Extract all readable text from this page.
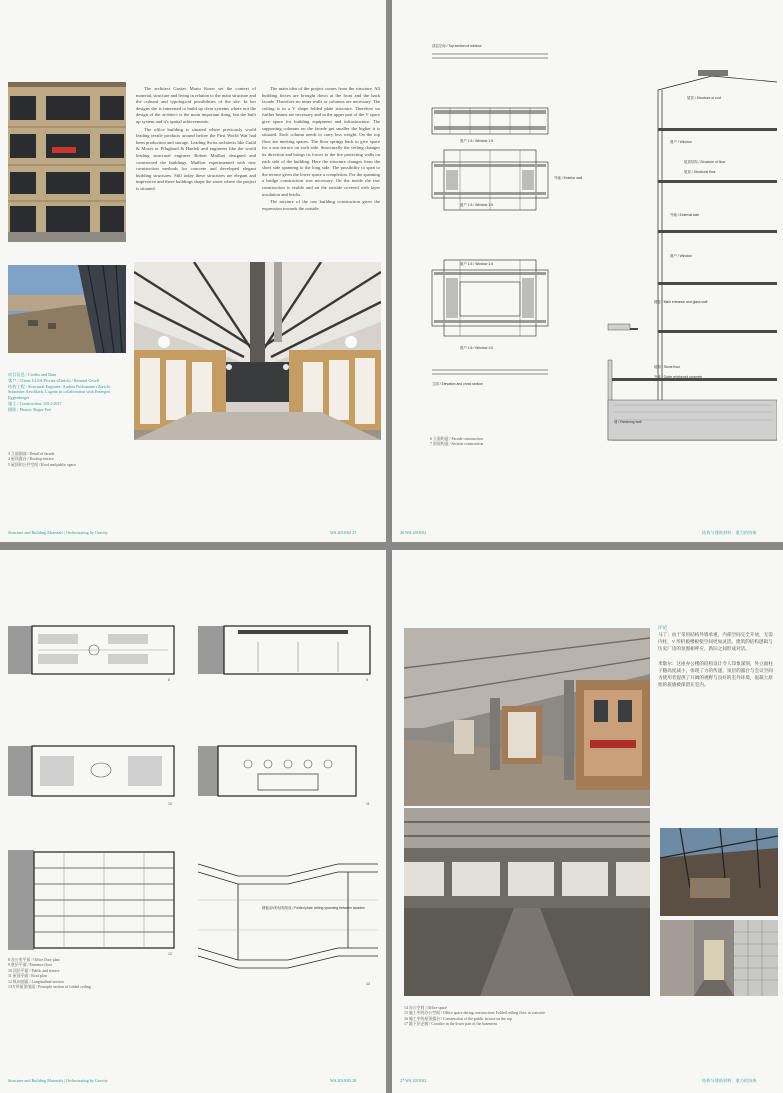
The architect Gustav Mario Knorr set the context of material, structure and living in relation to the main structure and the cultural and typological possibilities of the site. In her designs she is interested to build up clear systems where not the design of the architect is the main important thing, but the built up system and it's spatial achievements.

The office building is situated where previously world leading textile products around before the First World War had been production and storage. Leading Swiss architects like Guild & Moser or Pflughard & Haefeli and engineers like the world leading structural engineer Robert Maillart designed and constructed the buildings. Maillart experimented with new construction methods for concrete and developed elegant building structures. Still today these structures are elegant and impressive and these buildings shape the street where the project is situated.

The main idea of the project comes from the structure. All building forces are brought down at the front and the back facade. Therefore no inner walls or columns are necessary. The ceiling is in a V shape folded plate structure. Therefore no further beams are necessary and in the upper part of the V space give space for building equipment and infrastructure. The supporting columns on the facade get smaller the higher it is situated. Each column needs to carry less weight. On the top floor are meeting spaces. The floor springs back to give space for a sun terrace on each side. Structurally the ceiling changes its direction and brings its forces to the fire protecting walls on each side of the building. Here the structure changes from the short side spanning to the long side. The possibility to span to the terrace gives the lower space a completion. For the spanning a bridge construction was necessary. On the inside the raw construction is visible and on the outside covered with layer insulation and bricks.

The mixture of the raw building construction gives the expression towards the outside.

项目信息 / Credits and Data
客户 / Client: ELSA/Private (Zürich) / Bernard Gesell
结构工程 / Structural Engineer: Andrea Fuchsmann (Zürich)
Schneider Aeschlach, Lugano in collaboration with Emergen
Eggenberger
施工 / Construction: 2014-2017
摄影 / Photos: Roger Frei
3 立面细部 / Detail of facade
4 屋顶露台 / Rooftop terrace
5 屋顶和公共空间 / Roof and public space
Structure and Building Materials | Orchestrating by Gravity	WA 2018/02 25
顶层空间 / Top section of window
窗户 1:5 / Window 1:5
窗户 1:5 / Window 1:5
窗户 1:5 / Window 1:5
窗户 1:5 / Window 1:5
立面 / Elevation and cross section
外墙 / Exterior wall
屋顶 / Structure of roof
窗户 / Window
屋顶结构 / Structure of floor
屋顶 / Structural floor
外墙 / External wall
窗户 / Window
楼板 / Main entrance and glass wall
地面 / Stone floor
外墙 / Outer reinforced concrete
墙 / Retaining wall
6 立面构造 / Facade construction
7 剖面构造 / Section construction
26 WA 2018/02	结构与建筑材料：重力的协奏
8	9
10	11
12
楼板由V形结构组成 / Folded plate ceiling spanning between facades
13
8 办公室平面 / Office floor plan
9 底层平面 / Entrance floor
10 顶层平面 / Public and terrace
11 屋顶平面 / Roof plan
12 纵向剖面 / Longitudinal section
13 V形屋顶剖面 / Principle section of folded ceiling
Structure and Building Materials | Orchestrating by Gravity	WA 2018/02 28
评论
马丁：由于采用结构外墙承重，内部空间完全开放，无需内柱，V 形折板楼板使空间更加灵活。建筑的结构逻辑与历史厂房的氛围相呼应，新旧之间形成对话。
米歇尔：这座办公楼的结构设计令人印象深刻，外立面柱子随高度减小，体现了力的传递，顶层的露台与会议空间为使用者提供了开阔的视野与良好的室外环境，混凝土原始的质感被保留在室内。
14 办公空间 / Office space
15 施工中的办公空间 / Office space during construction: Folded ceiling floor in concrete
16 施工中的屋顶露台 / Construction of the public terrace on the top
17 地下层走廊 / Corridor in the lower part of the basement
27 WA 2018/02	结构与建筑材料：重力的协奏
